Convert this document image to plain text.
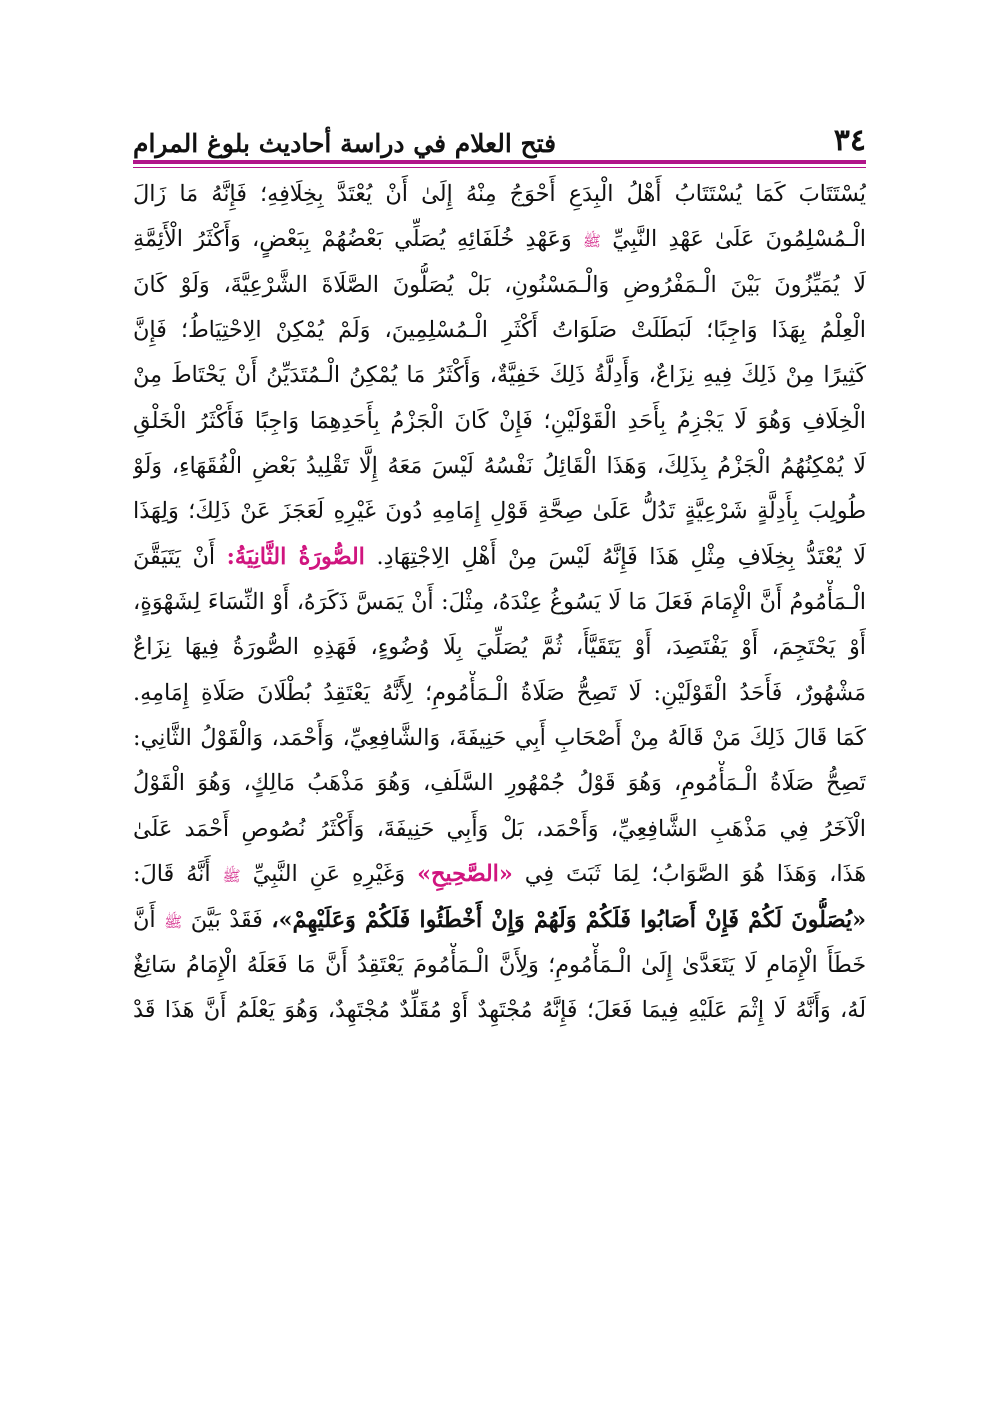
٣٤
فتح العلام في دراسة أحاديث بلوغ المرام
يُسْتَتَابَ كَمَا يُسْتَتَابُ أَهْلُ الْبِدَعِ أَحْوَجُ مِنْهُ إِلَىٰ أَنْ يُعْتَدَّ بِخِلَافِهِ؛ فَإِنَّهُ مَا زَالَ
الْـمُسْلِمُونَ عَلَىٰ عَهْدِ النَّبِيِّ ﷺ وَعَهْدِ خُلَفَائِهِ يُصَلِّي بَعْضُهُمْ بِبَعْضٍ، وَأَكْثَرُ الْأَئِمَّةِ
لَا يُمَيِّزُونَ بَيْنَ الْـمَفْرُوضِ وَالْـمَسْنُونِ، بَلْ يُصَلُّونَ الصَّلَاةَ الشَّرْعِيَّةَ، وَلَوْ كَانَ
الْعِلْمُ بِهَذَا وَاجِبًا؛ لَبَطَلَتْ صَلَوَاتُ أَكْثَرِ الْـمُسْلِمِينَ، وَلَمْ يُمْكِنْ الِاحْتِيَاطُ؛ فَإِنَّ
كَثِيرًا مِنْ ذَلِكَ فِيهِ نِزَاعٌ، وَأَدِلَّةُ ذَلِكَ خَفِيَّةٌ، وَأَكْثَرُ مَا يُمْكِنُ الْـمُتَدَيِّنُ أَنْ يَحْتَاطَ مِنْ
الْخِلَافِ وَهُوَ لَا يَجْزِمُ بِأَحَدِ الْقَوْلَيْنِ؛ فَإِنْ كَانَ الْجَزْمُ بِأَحَدِهِمَا وَاجِبًا فَأَكْثَرُ الْخَلْقِ
لَا يُمْكِنُهُمُ الْجَزْمُ بِذَلِكَ، وَهَذَا الْقَائِلُ نَفْسُهُ لَيْسَ مَعَهُ إِلَّا تَقْلِيدُ بَعْضِ الْفُقَهَاءِ، وَلَوْ
طُولِبَ بِأَدِلَّةٍ شَرْعِيَّةٍ تَدُلُّ عَلَىٰ صِحَّةِ قَوْلِ إِمَامِهِ دُونَ غَيْرِهِ لَعَجَزَ عَنْ ذَلِكَ؛ وَلِهَذَا
لَا يُعْتَدُّ بِخِلَافِ مِثْلِ هَذَا فَإِنَّهُ لَيْسَ مِنْ أَهْلِ الِاجْتِهَادِ. الصُّورَةُ الثَّانِيَةُ: أَنْ يَتَيَقَّنَ
الْـمَأْمُومُ أَنَّ الْإِمَامَ فَعَلَ مَا لَا يَسُوغُ عِنْدَهُ، مِثْلَ: أَنْ يَمَسَّ ذَكَرَهُ، أَوْ النِّسَاءَ لِشَهْوَةٍ،
أَوْ يَحْتَجِمَ، أَوْ يَفْتَصِدَ، أَوْ يَتَقَيَّأَ، ثُمَّ يُصَلِّيَ بِلَا وُضُوءٍ، فَهَذِهِ الصُّورَةُ فِيهَا نِزَاعٌ
مَشْهُورٌ، فَأَحَدُ الْقَوْلَيْنِ: لَا تَصِحُّ صَلَاةُ الْـمَأْمُومِ؛ لِأَنَّهُ يَعْتَقِدُ بُطْلَانَ صَلَاةِ إِمَامِهِ.
كَمَا قَالَ ذَلِكَ مَنْ قَالَهُ مِنْ أَصْحَابِ أَبِي حَنِيفَةَ، وَالشَّافِعِيِّ، وَأَحْمَد، وَالْقَوْلُ الثَّانِي:
تَصِحُّ صَلَاةُ الْـمَأْمُومِ، وَهُوَ قَوْلُ جُمْهُورِ السَّلَفِ، وَهُوَ مَذْهَبُ مَالِكٍ، وَهُوَ الْقَوْلُ
الْآخَرُ فِي مَذْهَبِ الشَّافِعِيِّ، وَأَحْمَد، بَلْ وَأَبِي حَنِيفَةَ، وَأَكْثَرُ نُصُوصِ أَحْمَد عَلَىٰ
هَذَا، وَهَذَا هُوَ الصَّوَابُ؛ لِمَا ثَبَتَ فِي «الصَّحِيحِ» وَغَيْرِهِ عَنِ النَّبِيِّ ﷺ أَنَّهُ قَالَ:
«يُصَلُّونَ لَكُمْ فَإِنْ أَصَابُوا فَلَكُمْ وَلَهُمْ وَإِنْ أَخْطَئُوا فَلَكُمْ وَعَلَيْهِمْ»، فَقَدْ بَيَّنَ ﷺ أَنَّ
خَطَأَ الْإِمَامِ لَا يَتَعَدَّىٰ إِلَىٰ الْـمَأْمُومِ؛ وَلِأَنَّ الْـمَأْمُومَ يَعْتَقِدُ أَنَّ مَا فَعَلَهُ الْإِمَامُ سَائِغٌ
لَهُ، وَأَنَّهُ لَا إِثْمَ عَلَيْهِ فِيمَا فَعَلَ؛ فَإِنَّهُ مُجْتَهِدٌ أَوْ مُقَلِّدٌ مُجْتَهِدٌ، وَهُوَ يَعْلَمُ أَنَّ هَذَا قَدْ
